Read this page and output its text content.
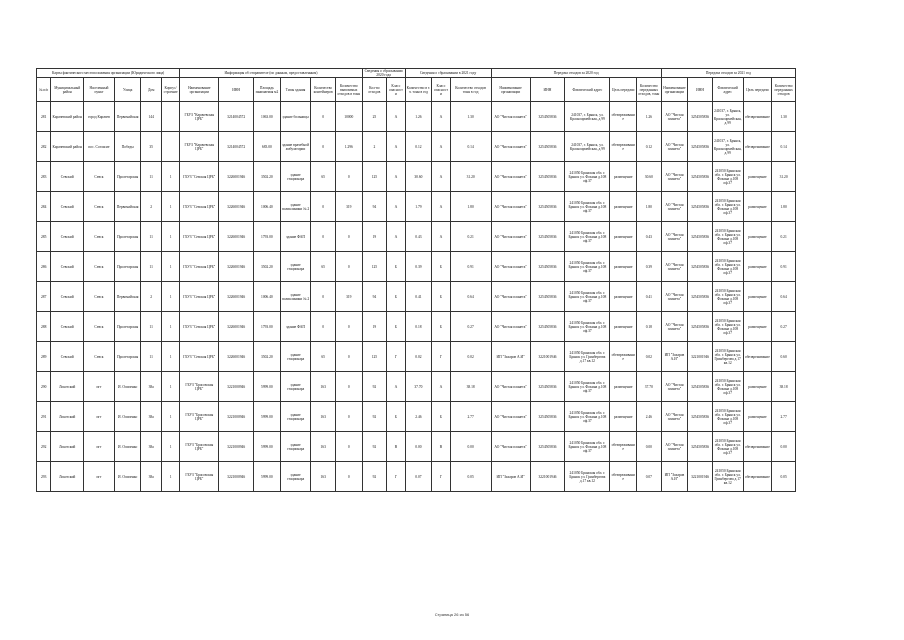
Карты фактического местоположения организации (Юридического лица)						Информация об отправителе (по данным, предоставленным)						Сведения о сбрасывании 2020 года		Сведения о сбрасывании в 2021 году			Передача отходов за 2020 год					Передача отходов за 2021 год				
№ п/п	Муниципальный район	Населенный пункт	Улица	Дом	Корпус/строение	Наименование организации	ИНН	Площадь занимаемая м2	Типы здания	Количество контейнеров	Количество вывозимых отходов в тонн	Кол-во отходов	Класс опасности	Количество в т. ч. тонн в год	Класс опасности	Количество отходов тонн в год	Наименование организации	ИНН	Фактический адрес	Цель передачи	Количество переданных отходов, тонн	Наименование организации	ИНН	Фактический адрес	Цель передачи	Количество переданных отходов
281	Карачевский район	город Карачев	Первомайская	144		ГБУЗ "Карачевская ЦРБ"	3214004572	1063.00	здание больницы	0	10000	25	А	1.26	А	1.30	АО "Чистая планета"	3254505836	241037, г. Брянск, ул. Красноармейская, д.99	обезвреживание	1.26	АО "Чистая планета"	3254505836	241037, г. Брянск, ул. Красноармейская, д.99	обезвреживание	1.30
282	Карачевский район	пос. Согласие	Победы	35		ГБУЗ "Карачевская ЦРБ"	3214004572	683.00	здание врачебной амбулатории	0	1.296	2	А	0.12	А	0.14	АО "Чистая планета"	3254505836	241037, г. Брянск, ул. Красноармейская, д.99	обезвреживание	0.12	АО "Чистая планета"	3254505836	241037, г. Брянск, ул. Красноармейская, д.99	обезвреживание	0.14
283	Севский	Севск	Пролетарская	11	1	ГБУЗ "Севская ЦРБ"	3226001946	3502.20	здание стационара	65	0	125	А	30.60	А	31.20	АО "Чистая планета"	3254505836	241050 Брянская обл. г. Брянск ул. Фокина д.108 оф.37	размещение	30.60	АО "Чистая планета"	3254505836	241050 Брянская обл. г. Брянск ул. Фокина д.108 оф.37	размещение	31.20
284	Севский	Севск	Первомайская	2	1	ГБУЗ "Севская ЦРБ"	3226001946	1006.40	здание поликлиники № 2	0	319	94	А	1.79	А	1.80	АО "Чистая планета"	3254505836	241050 Брянская обл. г. Брянск ул. Фокина д.108 оф.37	размещение	1.80	АО "Чистая планета"	3254505836	241050 Брянская обл. г. Брянск ул. Фокина д.108 оф.37	размещение	1.80
285	Севский	Севск	Пролетарская	11	1	ГБУЗ "Севская ЦРБ"	3226001946	1793.00	здание ФАП	0	0	19	А	0.43	А	0.21	АО "Чистая планета"	3254505836	241050 Брянская обл. г. Брянск ул. Фокина д.108 оф.37	размещение	0.43	АО "Чистая планета"	3254505836	241050 Брянская обл. г. Брянск ул. Фокина д.108 оф.37	размещение	0.21
286	Севский	Севск	Пролетарская	11	1	ГБУЗ "Севская ЦРБ"	3226001946	3502.20	здание стационара	65	0	125	Б	0.39	Б	0.91	АО "Чистая планета"	3254505836	241050 Брянская обл. г. Брянск ул. Фокина д.108 оф.37	размещение	0.39	АО "Чистая планета"	3254505836	241050 Брянская обл. г. Брянск ул. Фокина д.108 оф.37	размещение	0.91
287	Севский	Севск	Первомайская	2	1	ГБУЗ "Севская ЦРБ"	3226001946	1006.40	здание поликлиники № 2	0	319	94	Б	0.41	Б	0.64	АО "Чистая планета"	3254505836	241050 Брянская обл. г. Брянск ул. Фокина д.108 оф.37	размещение	0.41	АО "Чистая планета"	3254505836	241050 Брянская обл. г. Брянск ул. Фокина д.108 оф.37	размещение	0.64
288	Севский	Севск	Пролетарская	11	1	ГБУЗ "Севская ЦРБ"	3226001946	1793.00	здание ФАП	0	0	19	Б	0.18	Б	0.27	АО "Чистая планета"	3254505836	241050 Брянская обл. г. Брянск ул. Фокина д.108 оф.37	размещение	0.18	АО "Чистая планета"	3254505836	241050 Брянская обл. г. Брянск ул. Фокина д.108 оф.37	размещение	0.27
289	Севский	Севск	Пролетарская	11	1	ГБУЗ "Севская ЦРБ"	3226001946	3502.20	здание стационара	65	0	125	Г	0.02	Г	0.02	ИП "Захаров А.И"	3221001946	241050 Брянская обл. г. Брянск ул. Гринбергова д.17 кв.12	обезвреживание	0.02	ИП "Захаров А.И"	3221001946	241050 Брянская обл. г. Брянск ул. Гринбергова д.17 кв.12	обезвреживание	0.60
290	Локотский	пгт	И. Осипенко	38а	1	ГБУЗ "Брасовская ЦРБ"	3221000946	5999.00	здание стационара	163	0	92	А	37.70	А	38.18	АО "Чистая планета"	3254505836	241050 Брянская обл. г. Брянск ул. Фокина д.108 оф.37	размещение	37.70	АО "Чистая планета"	3254505836	241050 Брянская обл. г. Брянск ул. Фокина д.108 оф.37	размещение	38.18
291	Локотский	пгт	И. Осипенко	38а	1	ГБУЗ "Брасовская ЦРБ"	3221000946	5999.00	здание стационара	163	0	92	Б	2.46	Б	2.77	АО "Чистая планета"	3254505836	241050 Брянская обл. г. Брянск ул. Фокина д.108 оф.37	размещение	2.46	АО "Чистая планета"	3254505836	241050 Брянская обл. г. Брянск ул. Фокина д.108 оф.37	размещение	2.77
292	Локотский	пгт	И. Осипенко	38а	1	ГБУЗ "Брасовская ЦРБ"	3221000946	5999.00	здание стационара	163	0	92	В	0.00	В	0.00	АО "Чистая планета"	3254505836	241050 Брянская обл. г. Брянск ул. Фокина д.108 оф.37	обезвреживание	0.00	АО "Чистая планета"	3254505836	241050 Брянская обл. г. Брянск ул. Фокина д.108 оф.37	обезвреживание	0.00
293	Локотский	пгт	И. Осипенко	38а	1	ГБУЗ "Брасовская ЦРБ"	3221000946	5999.00	здание стационара	163	0	92	Г	0.07	Г	0.05	ИП "Захаров А.И"	3221001946	241050 Брянская обл. г. Брянск ул. Гринбергова д.17 кв.12	обезвреживание	0.07	ИП "Захаров А.И"	3221001946	241050 Брянская обл. г. Брянск ул. Гринбергова д.17 кв.12	обезвреживание	0.05
Страница 26 из 56
